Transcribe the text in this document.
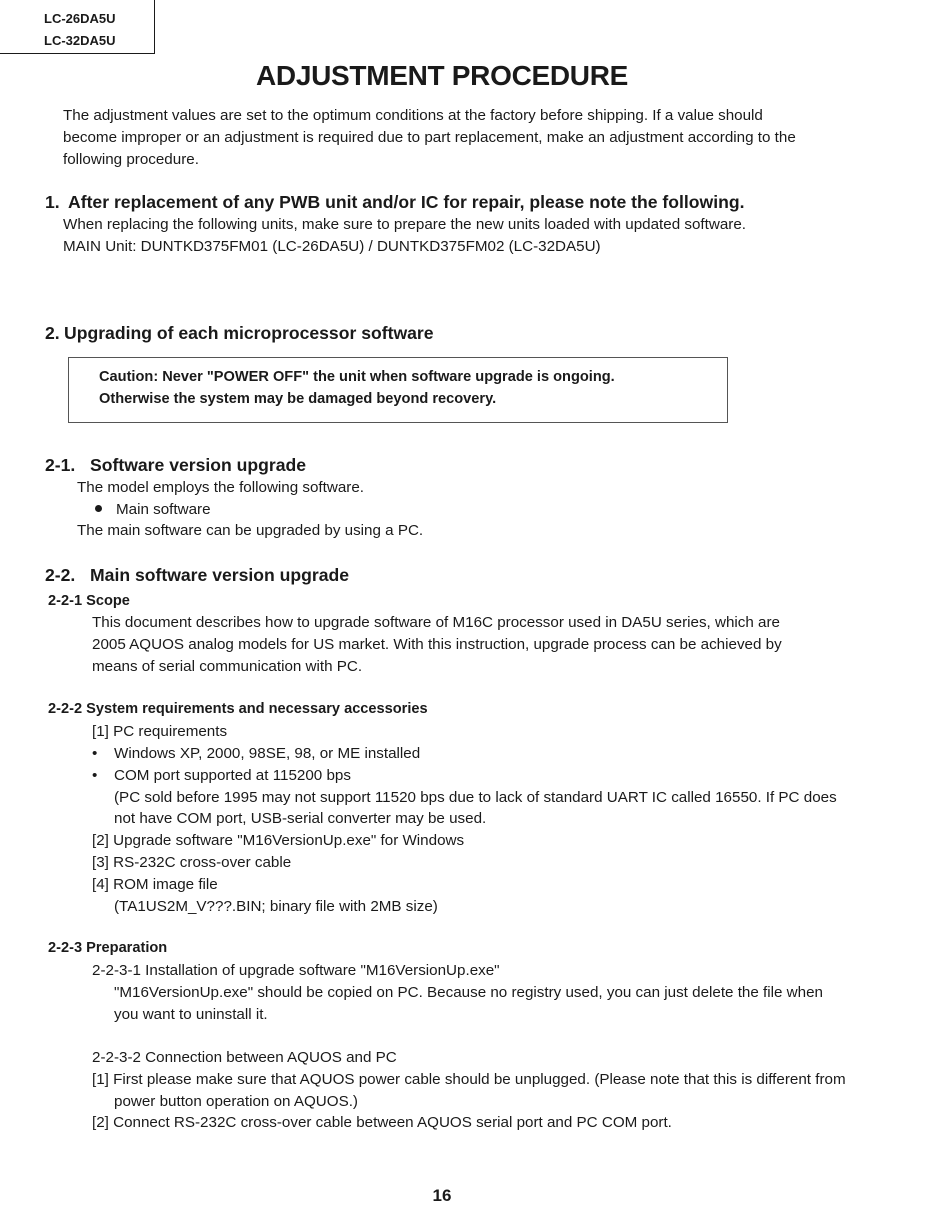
LC-26DA5U
LC-32DA5U
ADJUSTMENT PROCEDURE
The adjustment values are set to the optimum conditions at the factory before shipping. If a value should
become improper or an adjustment is required due to part replacement, make an adjustment according to the
following procedure.
1. After replacement of any PWB unit and/or IC for repair, please note the following.
When replacing the following units, make sure to prepare the new units loaded with updated software.
MAIN Unit: DUNTKD375FM01 (LC-26DA5U) / DUNTKD375FM02 (LC-32DA5U)
2. Upgrading of each microprocessor software
Caution: Never "POWER OFF" the unit when software upgrade is ongoing.
Otherwise the system may be damaged beyond recovery.
2-1. Software version upgrade
The model employs the following software.
Main software
The main software can be upgraded by using a PC.
2-2. Main software version upgrade
2-2-1 Scope
This document describes how to upgrade software of M16C processor used in DA5U series, which are
2005 AQUOS analog models for US market. With this instruction, upgrade process can be achieved by
means of serial communication with PC.
2-2-2 System requirements and necessary accessories
[1] PC requirements
• Windows XP, 2000, 98SE, 98, or ME installed
• COM port supported at 115200 bps
(PC sold before 1995 may not support 11520 bps due to lack of standard UART IC called 16550. If PC does
not have COM port, USB-serial converter may be used.
[2] Upgrade software "M16VersionUp.exe" for Windows
[3] RS-232C cross-over cable
[4] ROM image file
(TA1US2M_V???.BIN; binary file with 2MB size)
2-2-3 Preparation
2-2-3-1 Installation of upgrade software "M16VersionUp.exe"
"M16VersionUp.exe" should be copied on PC. Because no registry used, you can just delete the file when
you want to uninstall it.
2-2-3-2 Connection between AQUOS and PC
[1] First please make sure that AQUOS power cable should be unplugged. (Please note that this is different from
power button operation on AQUOS.)
[2] Connect RS-232C cross-over cable between AQUOS serial port and PC COM port.
16
